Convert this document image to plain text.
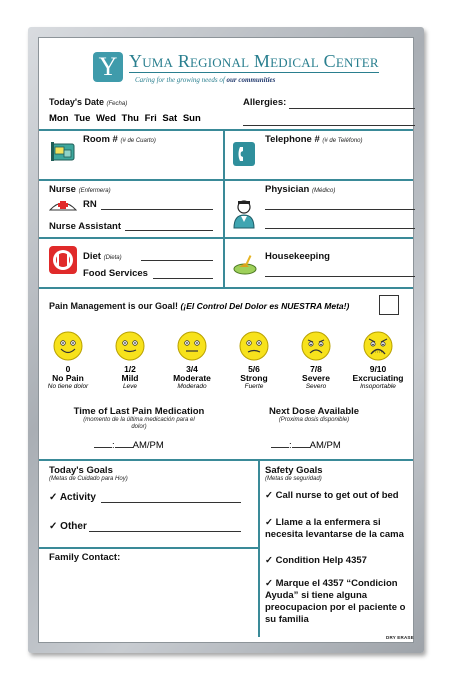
Y Yuma Regional Medical Center
Caring for the growing needs of our communities
Today's Date (Fecha)
Mon Tue Wed Thu Fri Sat Sun
Allergies:
Room # (# de Cuarto)	Telephone # (# de Teléfono)
Nurse (Enfermera)
RN
Nurse Assistant
Physician (Médico)
Diet (Dieta)
Food Services
Housekeeping
Pain Management is our Goal! (¡El Control Del Dolor es NUESTRA Meta!)
0
No Pain
No tiene dolor
1/2
Mild
Leve
3/4
Moderate
Moderado
5/6
Strong
Fuerte
7/8
Severe
Severo
9/10
Excruciating
Insoportable
Time of Last Pain Medication
(momento de la última medicación para el dolor)
: AM/PM
Next Dose Available
(Proxima dosis disponible)
: AM/PM
Today's Goals
(Metas de Cuidado para Hoy)
✓ Activity
✓ Other
Family Contact:
Safety Goals
(Metas de seguridad)
✓ Call nurse to get out of bed
✓ Llame a la enfermera si necesita levantarse de la cama
✓ Condition Help 4357
✓ Marque el 4357 “Condicion Ayuda” si tiene alguna preocupacion por el paciente o su familia
DRY ERASE
